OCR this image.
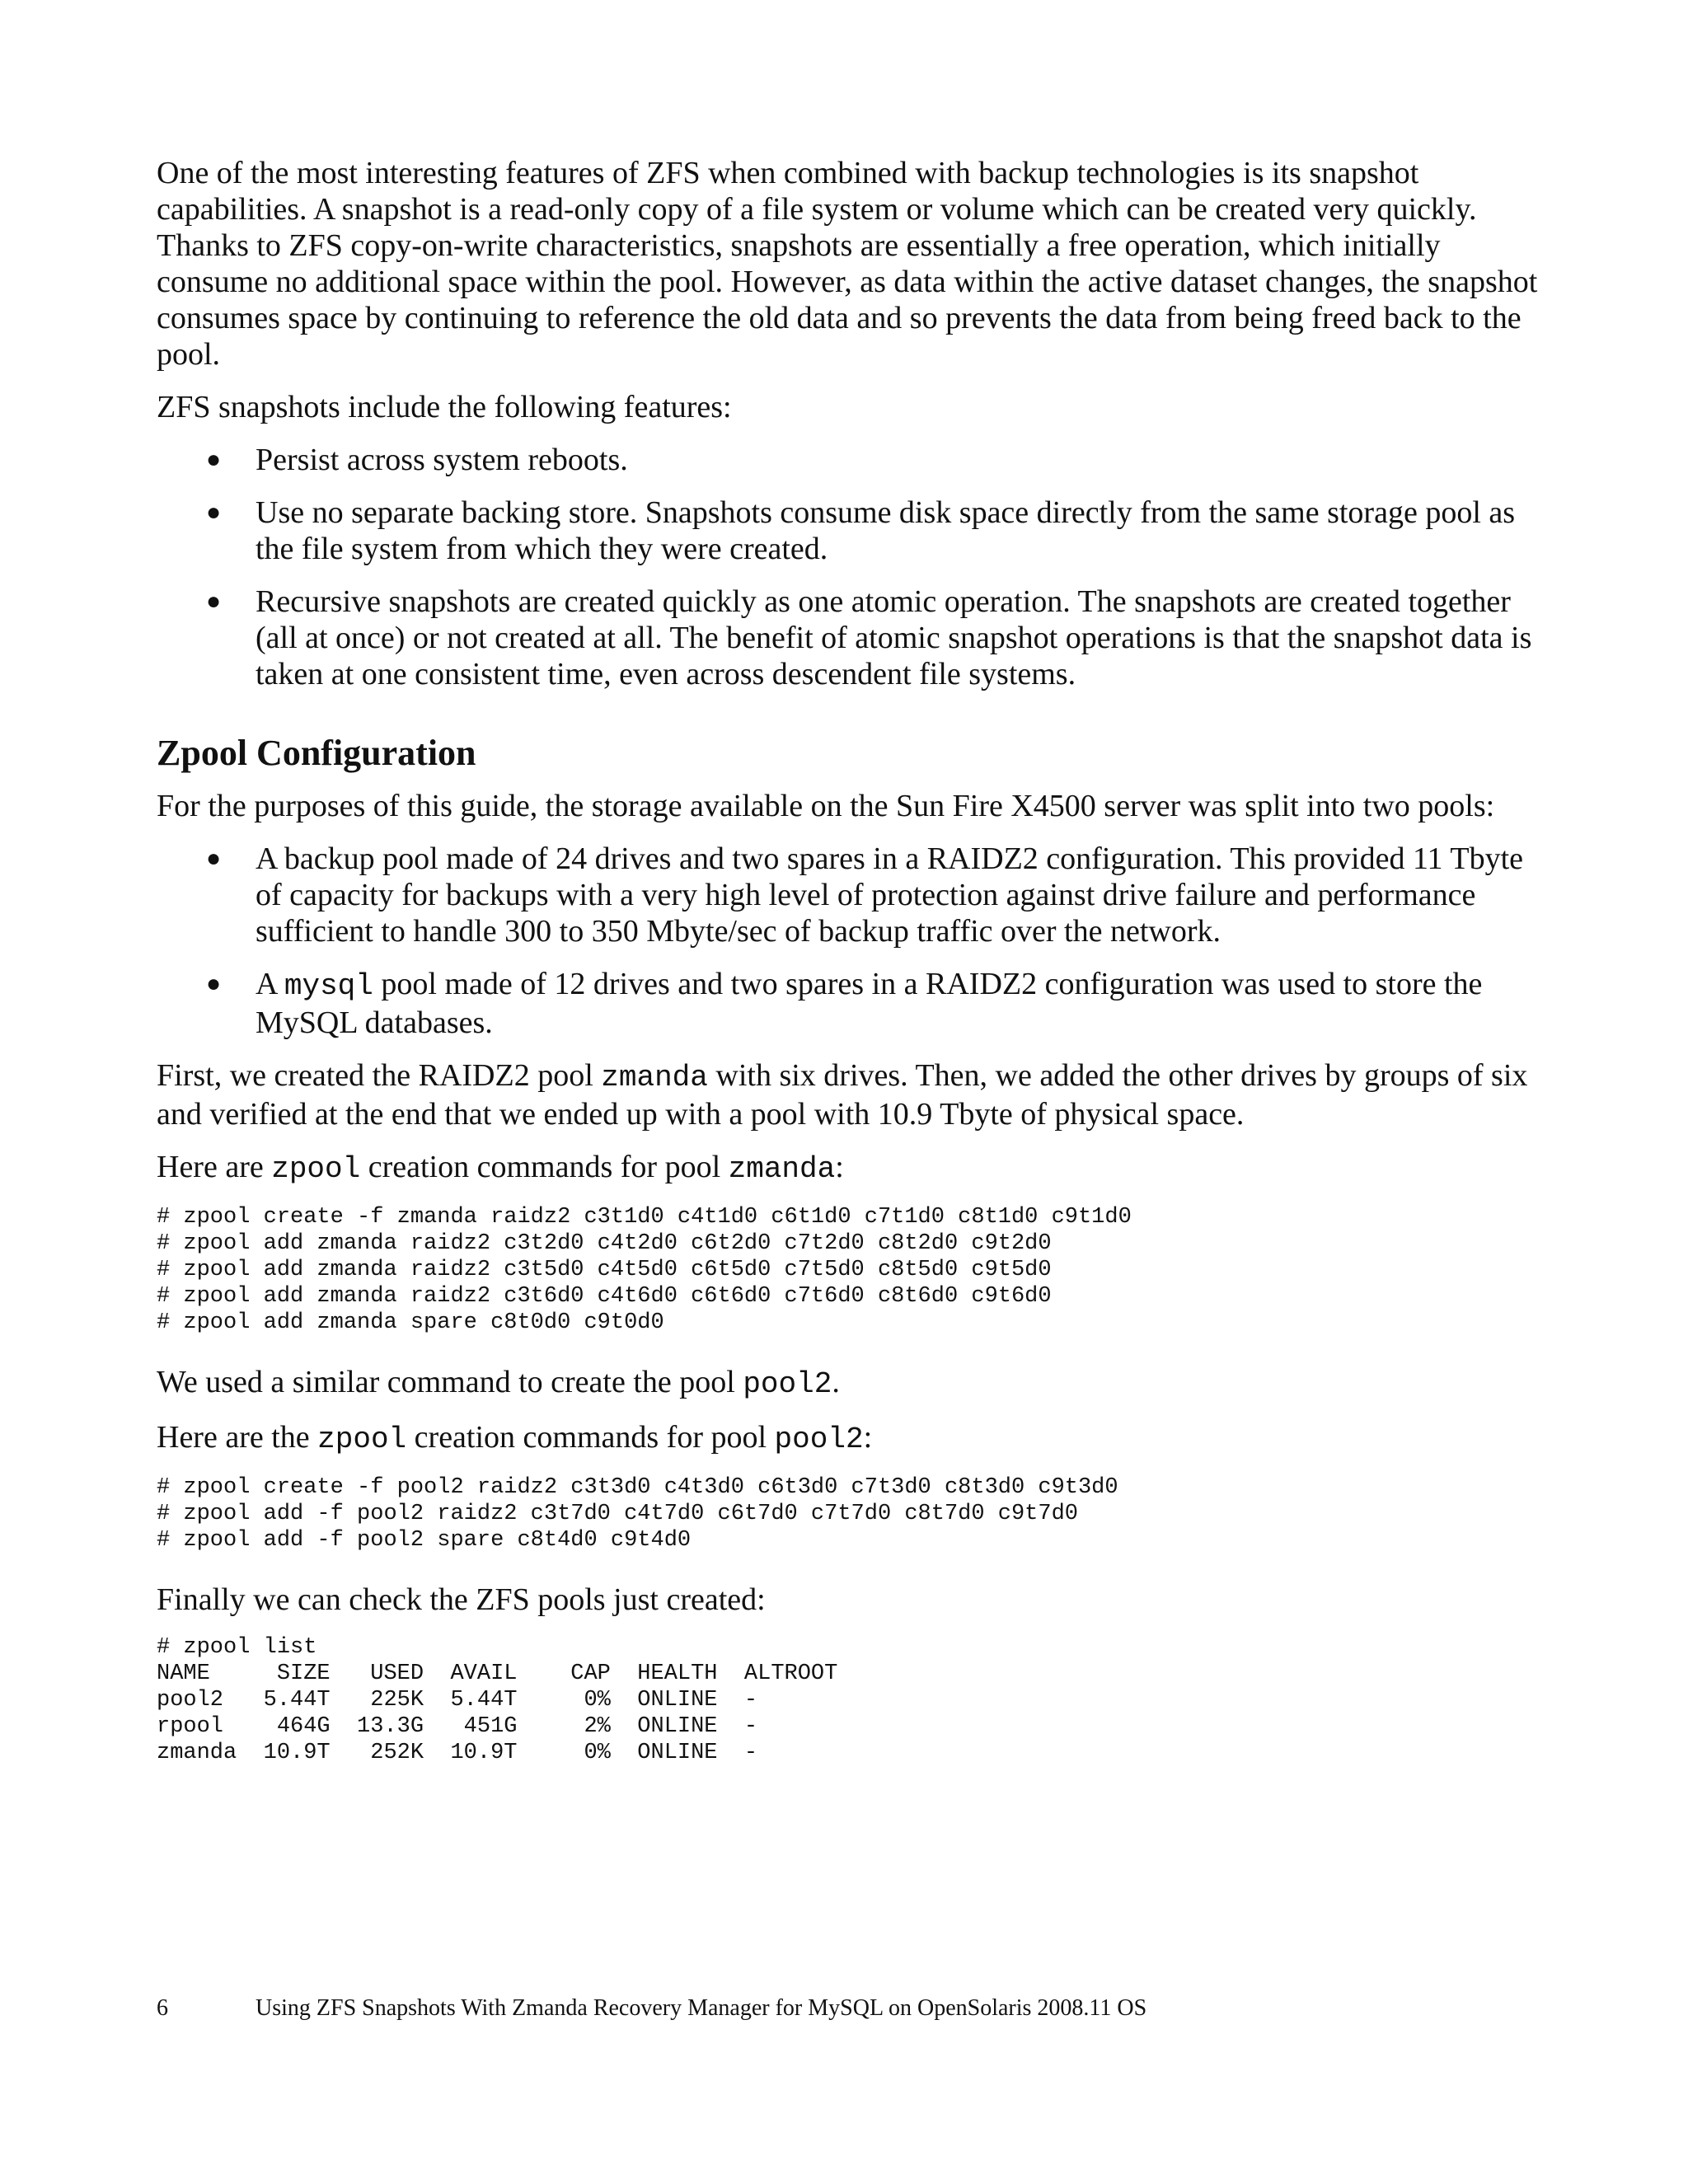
One of the most interesting features of ZFS when combined with backup technologies is its snapshot capabilities. A snapshot is a read-only copy of a file system or volume which can be created very quickly. Thanks to ZFS copy-on-write characteristics, snapshots are essentially a free operation, which initially consume no additional space within the pool. However, as data within the active dataset changes, the snapshot consumes space by continuing to reference the old data and so prevents the data from being freed back to the pool.

ZFS snapshots include the following features:

● Persist across system reboots.
● Use no separate backing store. Snapshots consume disk space directly from the same storage pool as the file system from which they were created.
● Recursive snapshots are created quickly as one atomic operation. The snapshots are created together (all at once) or not created at all. The benefit of atomic snapshot operations is that the snapshot data is taken at one consistent time, even across descendent file systems.
Zpool Configuration

For the purposes of this guide, the storage available on the Sun Fire X4500 server was split into two pools:

● A backup pool made of 24 drives and two spares in a RAIDZ2 configuration. This provided 11 Tbyte of capacity for backups with a very high level of protection against drive failure and performance sufficient to handle 300 to 350 Mbyte/sec of backup traffic over the network.
● A mysql pool made of 12 drives and two spares in a RAIDZ2 configuration was used to store the MySQL databases.

First, we created the RAIDZ2 pool zmanda with six drives. Then, we added the other drives by groups of six and verified at the end that we ended up with a pool with 10.9 Tbyte of physical space.

Here are zpool creation commands for pool zmanda:

# zpool create -f zmanda raidz2 c3t1d0 c4t1d0 c6t1d0 c7t1d0 c8t1d0 c9t1d0
# zpool add zmanda raidz2 c3t2d0 c4t2d0 c6t2d0 c7t2d0 c8t2d0 c9t2d0
# zpool add zmanda raidz2 c3t5d0 c4t5d0 c6t5d0 c7t5d0 c8t5d0 c9t5d0
# zpool add zmanda raidz2 c3t6d0 c4t6d0 c6t6d0 c7t6d0 c8t6d0 c9t6d0
# zpool add zmanda spare c8t0d0 c9t0d0

We used a similar command to create the pool pool2.

Here are the zpool creation commands for pool pool2:

# zpool create -f pool2 raidz2 c3t3d0 c4t3d0 c6t3d0 c7t3d0 c8t3d0 c9t3d0
# zpool add -f pool2 raidz2 c3t7d0 c4t7d0 c6t7d0 c7t7d0 c8t7d0 c9t7d0
# zpool add -f pool2 spare c8t4d0 c9t4d0

Finally we can check the ZFS pools just created:

# zpool list
NAME     SIZE   USED  AVAIL    CAP  HEALTH  ALTROOT
pool2   5.44T   225K  5.44T     0%  ONLINE  -
rpool    464G  13.3G   451G     2%  ONLINE  -
zmanda  10.9T   252K  10.9T     0%  ONLINE  -
6	Using ZFS Snapshots With Zmanda Recovery Manager for MySQL on OpenSolaris 2008.11 OS
